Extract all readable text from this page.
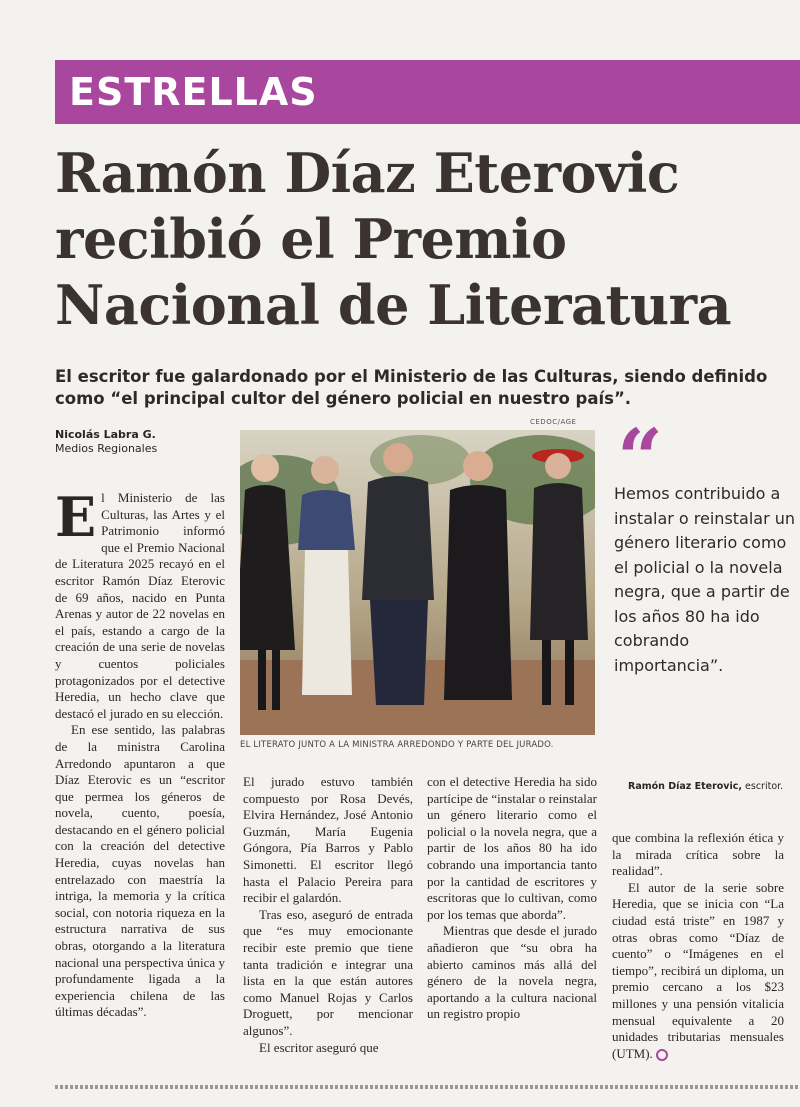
ESTRELLAS
Ramón Díaz Eterovic
recibió el Premio
Nacional de Literatura
El escritor fue galardonado por el Ministerio de las Culturas, siendo definido como “el principal cultor del género policial en nuestro país”.
Nicolás Labra G.
Medios Regionales
CEDOC/AGE
EL LITERATO JUNTO A LA MINISTRA ARREDONDO Y PARTE DEL JURADO.
“
Hemos contribuido a instalar o reinstalar un género literario como el policial o la novela negra, que a partir de los años 80 ha ido cobrando importancia”.
Ramón Díaz Eterovic, escritor.

El Ministerio de las Culturas, las Artes y el Patrimonio informó que el Premio Nacional de Literatura 2025 recayó en el escritor Ramón Díaz Eterovic de 69 años, nacido en Punta Arenas y autor de 22 novelas en el país, estando a cargo de la creación de una serie de novelas y cuentos policiales protagonizados por el detective Heredia, un hecho clave que destacó el jurado en su elección.

En ese sentido, las palabras de la ministra Carolina Arredondo apuntaron a que Díaz Eterovic es un “escritor que permea los géneros de novela, cuento, poesía, destacando en el género policial con la creación del detective Heredia, cuyas novelas han entrelazado con maestría la intriga, la memoria y la crítica social, con notoria riqueza en la estructura narrativa de sus obras, otorgando a la literatura nacional una perspectiva única y profundamente ligada a la experiencia chilena de las últimas décadas”.

El jurado estuvo también compuesto por Rosa Devés, Elvira Hernández, José Antonio Guzmán, María Eugenia Góngora, Pía Barros y Pablo Simonetti. El escritor llegó hasta el Palacio Pereira para recibir el galardón.

Tras eso, aseguró de entrada que “es muy emocionante recibir este premio que tiene tanta tradición e integrar una lista en la que están autores como Manuel Rojas y Carlos Droguett, por mencionar algunos”.

El escritor aseguró que

con el detective Heredia ha sido partícipe de “instalar o reinstalar un género literario como el policial o la novela negra, que a partir de los años 80 ha ido cobrando una importancia tanto por la cantidad de escritores y escritoras que lo cultivan, como por los temas que aborda”.

Mientras que desde el jurado añadieron que “su obra ha abierto caminos más allá del género de la novela negra, aportando a la cultura nacional un registro propio

que combina la reflexión ética y la mirada crítica sobre la realidad”.

El autor de la serie sobre Heredia, que se inicia con “La ciudad está triste” en 1987 y otras obras como “Díaz de cuento” o “Imágenes en el tiempo”, recibirá un diploma, un premio cercano a los $23 millones y una pensión vitalicia mensual equivalente a 20 unidades tributarias mensuales (UTM).
